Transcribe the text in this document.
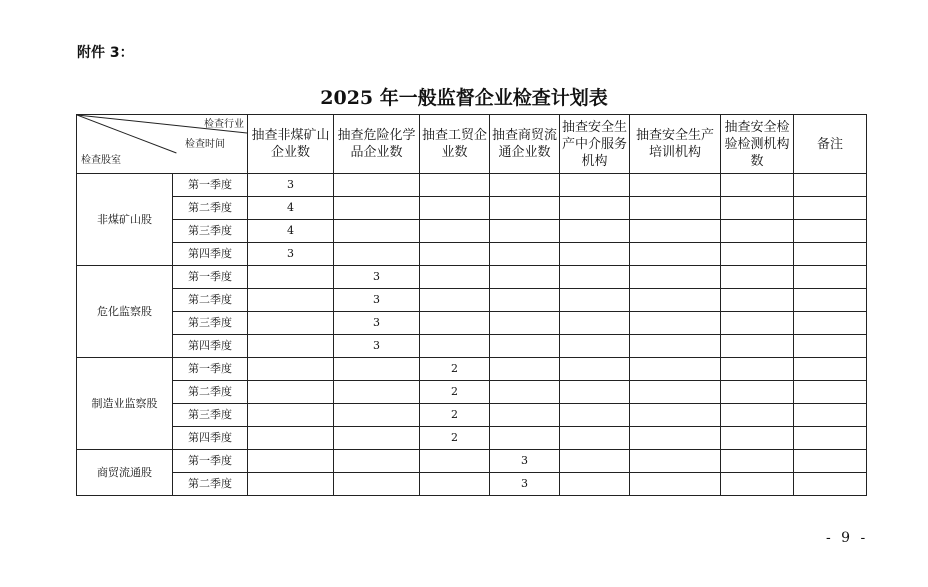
附件 3：
2025 年一般监督企业检查计划表
检查行业
检查时间
检查股室		抽查非煤矿山企业数	抽查危险化学品企业数	抽查工贸企业数	抽查商贸流通企业数	抽查安全生产中介服务机构	抽查安全生产培训机构	抽查安全检验检测机构数	备注
非煤矿山股	第一季度	3							
	第二季度	4							
	第三季度	4							
	第四季度	3							
危化监察股	第一季度		3						
	第二季度		3						
	第三季度		3						
	第四季度		3						
制造业监察股	第一季度			2					
	第二季度			2					
	第三季度			2					
	第四季度			2					
商贸流通股	第一季度				3				
	第二季度				3				
- 9 -
